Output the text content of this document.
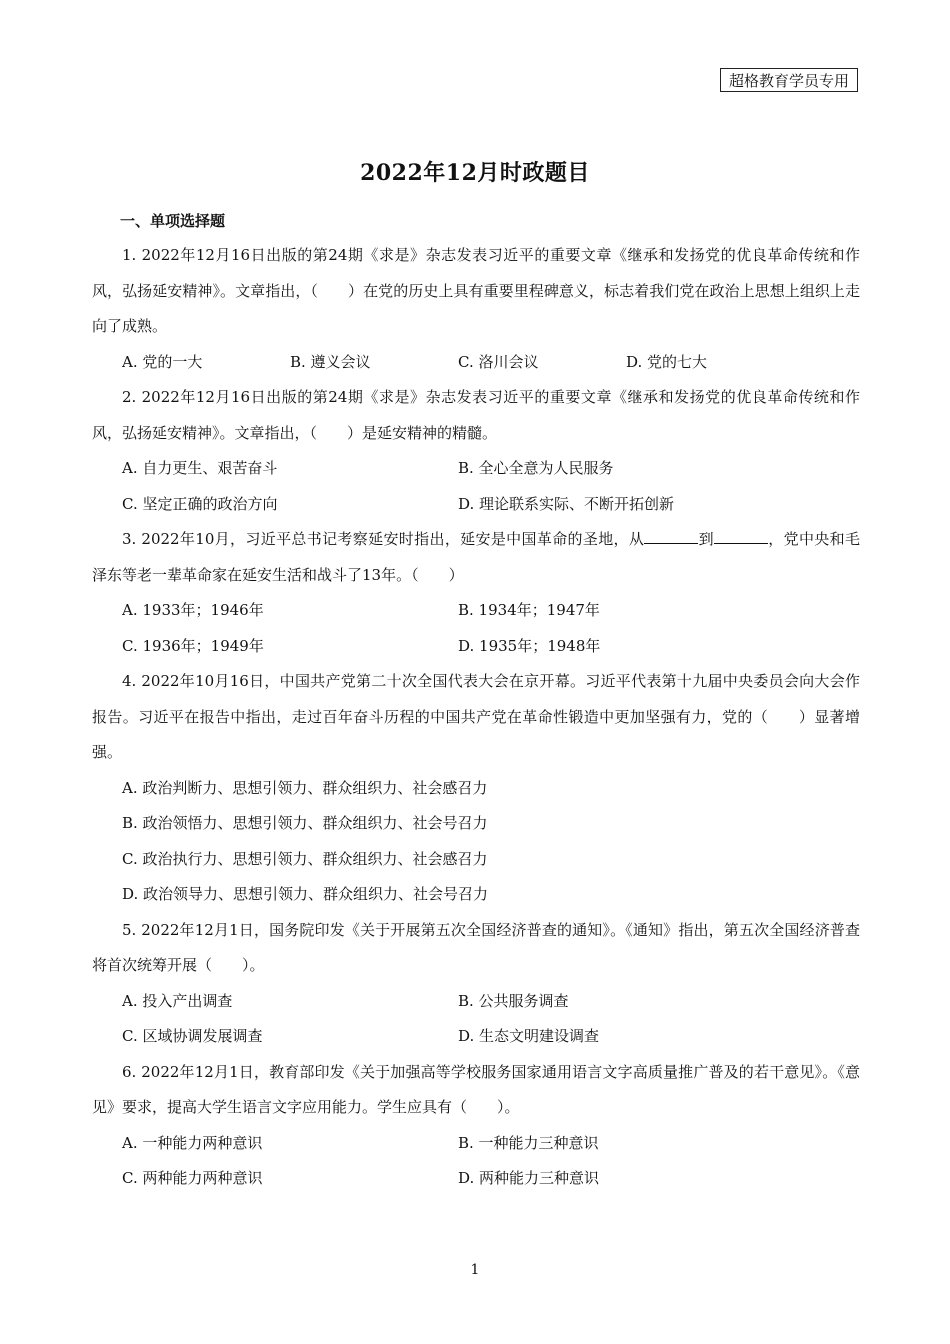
超格教育学员专用
2022年12月时政题目
一、单项选择题
1. 2022年12月16日出版的第24期《求是》杂志发表习近平的重要文章《继承和发扬党的优良革命传统和作风，弘扬延安精神》。文章指出，（　　）在党的历史上具有重要里程碑意义，标志着我们党在政治上思想上组织上走向了成熟。
A. 党的一大	B. 遵义会议	C. 洛川会议	D. 党的七大
2. 2022年12月16日出版的第24期《求是》杂志发表习近平的重要文章《继承和发扬党的优良革命传统和作风，弘扬延安精神》。文章指出，（　　）是延安精神的精髓。
A. 自力更生、艰苦奋斗	B. 全心全意为人民服务
C. 坚定正确的政治方向	D. 理论联系实际、不断开拓创新
3. 2022年10月，习近平总书记考察延安时指出，延安是中国革命的圣地，从	到	，党中央和毛泽东等老一辈革命家在延安生活和战斗了13年。（　　）
A. 1933年；1946年	B. 1934年；1947年
C. 1936年；1949年	D. 1935年；1948年
4. 2022年10月16日，中国共产党第二十次全国代表大会在京开幕。习近平代表第十九届中央委员会向大会作报告。习近平在报告中指出，走过百年奋斗历程的中国共产党在革命性锻造中更加坚强有力，党的（　　）显著增强。
A. 政治判断力、思想引领力、群众组织力、社会感召力
B. 政治领悟力、思想引领力、群众组织力、社会号召力
C. 政治执行力、思想引领力、群众组织力、社会感召力
D. 政治领导力、思想引领力、群众组织力、社会号召力
5. 2022年12月1日，国务院印发《关于开展第五次全国经济普查的通知》。《通知》指出，第五次全国经济普查将首次统筹开展（　　）。
A. 投入产出调查	B. 公共服务调查
C. 区域协调发展调查	D. 生态文明建设调查
6. 2022年12月1日，教育部印发《关于加强高等学校服务国家通用语言文字高质量推广普及的若干意见》。《意见》要求，提高大学生语言文字应用能力。学生应具有（　　）。
A. 一种能力两种意识	B. 一种能力三种意识
C. 两种能力两种意识	D. 两种能力三种意识
1
